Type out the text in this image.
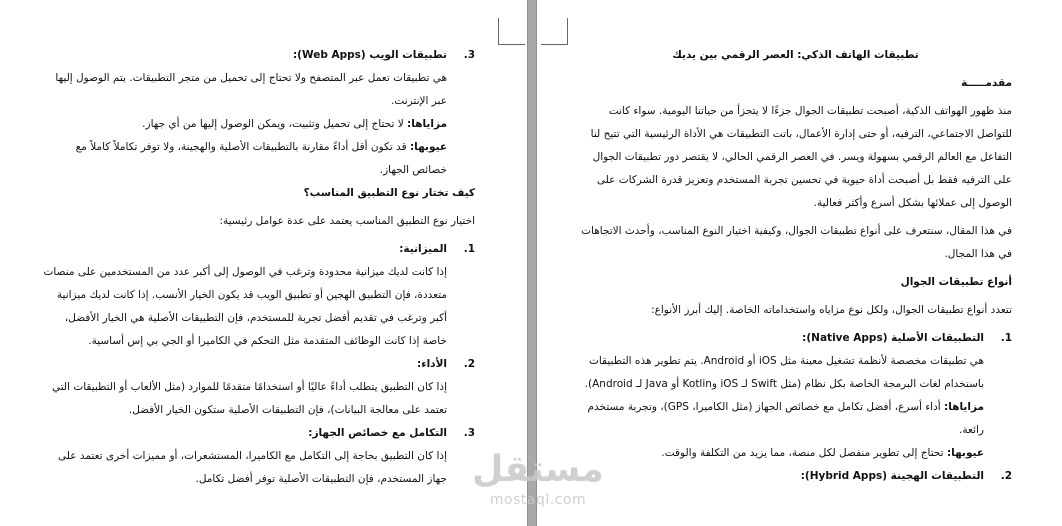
3.

تطبيقات الويب (Web Apps):

هي تطبيقات تعمل عبر المتصفح ولا تحتاج إلى تحميل من متجر التطبيقات. يتم الوصول إليها عبر الإنترنت.

مزاياها: لا تحتاج إلى تحميل وتثبيت، ويمكن الوصول إليها من أي جهاز.

عيوبها: قد تكون أقل أداءً مقارنة بالتطبيقات الأصلية والهجينة، ولا توفر تكاملاً كاملاً مع خصائص الجهاز.

كيف تختار نوع التطبيق المناسب؟

اختيار نوع التطبيق المناسب يعتمد على عدة عوامل رئيسية:

1.

الميزانية:

إذا كانت لديك ميزانية محدودة وترغب في الوصول إلى أكبر عدد من المستخدمين على منصات متعددة، فإن التطبيق الهجين أو تطبيق الويب قد يكون الخيار الأنسب. إذا كانت لديك ميزانية أكبر وترغب في تقديم أفضل تجربة للمستخدم، فإن التطبيقات الأصلية هي الخيار الأفضل، خاصة إذا كانت الوظائف المتقدمة مثل التحكم في الكاميرا أو الجي بي إس أساسية.

2.

الأداء:

إذا كان التطبيق يتطلب أداءً عاليًا أو استخدامًا متقدمًا للموارد (مثل الألعاب أو التطبيقات التي تعتمد على معالجة البيانات)، فإن التطبيقات الأصلية ستكون الخيار الأفضل.

3.

التكامل مع خصائص الجهاز:

إذا كان التطبيق بحاجة إلى التكامل مع الكاميرا، المستشعرات، أو مميزات أخرى تعتمد على جهاز المستخدم، فإن التطبيقات الأصلية توفر أفضل تكامل.

تطبيقات الهاتف الذكي: العصر الرقمي بين يديك

مقدمـــــة

منذ ظهور الهواتف الذكية، أصبحت تطبيقات الجوال جزءًا لا يتجزأ من حياتنا اليومية. سواء كانت للتواصل الاجتماعي، الترفيه، أو حتى إدارة الأعمال، باتت التطبيقات هي الأداة الرئيسية التي تتيح لنا التفاعل مع العالم الرقمي بسهولة ويسر. في العصر الرقمي الحالي، لا يقتصر دور تطبيقات الجوال على الترفيه فقط بل أصبحت أداة حيوية في تحسين تجربة المستخدم وتعزيز قدرة الشركات على الوصول إلى عملائها بشكل أسرع وأكثر فعالية.

في هذا المقال، سنتعرف على أنواع تطبيقات الجوال، وكيفية اختيار النوع المناسب، وأحدث الاتجاهات في هذا المجال.

أنواع تطبيقات الجوال

تتعدد أنواع تطبيقات الجوال، ولكل نوع مزاياه واستخداماته الخاصة. إليك أبرز الأنواع:

1.

التطبيقات الأصلية (Native Apps):

هي تطبيقات مخصصة لأنظمة تشغيل معينة مثل iOS أو Android. يتم تطوير هذه التطبيقات باستخدام لغات البرمجة الخاصة بكل نظام (مثل Swift لـ iOS وKotlin أو Java لـ Android).

مزاياها: أداء أسرع، أفضل تكامل مع خصائص الجهاز (مثل الكاميرا، GPS)، وتجربة مستخدم رائعة.

عيوبها: تحتاج إلى تطوير منفصل لكل منصة، مما يزيد من التكلفة والوقت.

2.

التطبيقات الهجينة (Hybrid Apps):

مستقل
mostaql.com
